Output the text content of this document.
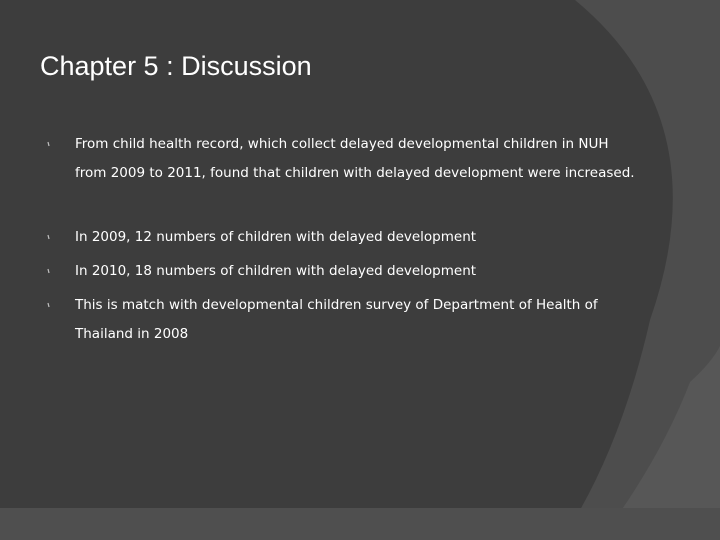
Chapter 5 : Discussion
From child health record, which collect delayed developmental children in NUH from 2009 to 2011, found that children with delayed development were increased.
In 2009, 12 numbers of children with delayed development
In 2010, 18 numbers of children with delayed development
This is match with developmental children survey of Department of Health of Thailand in 2008
